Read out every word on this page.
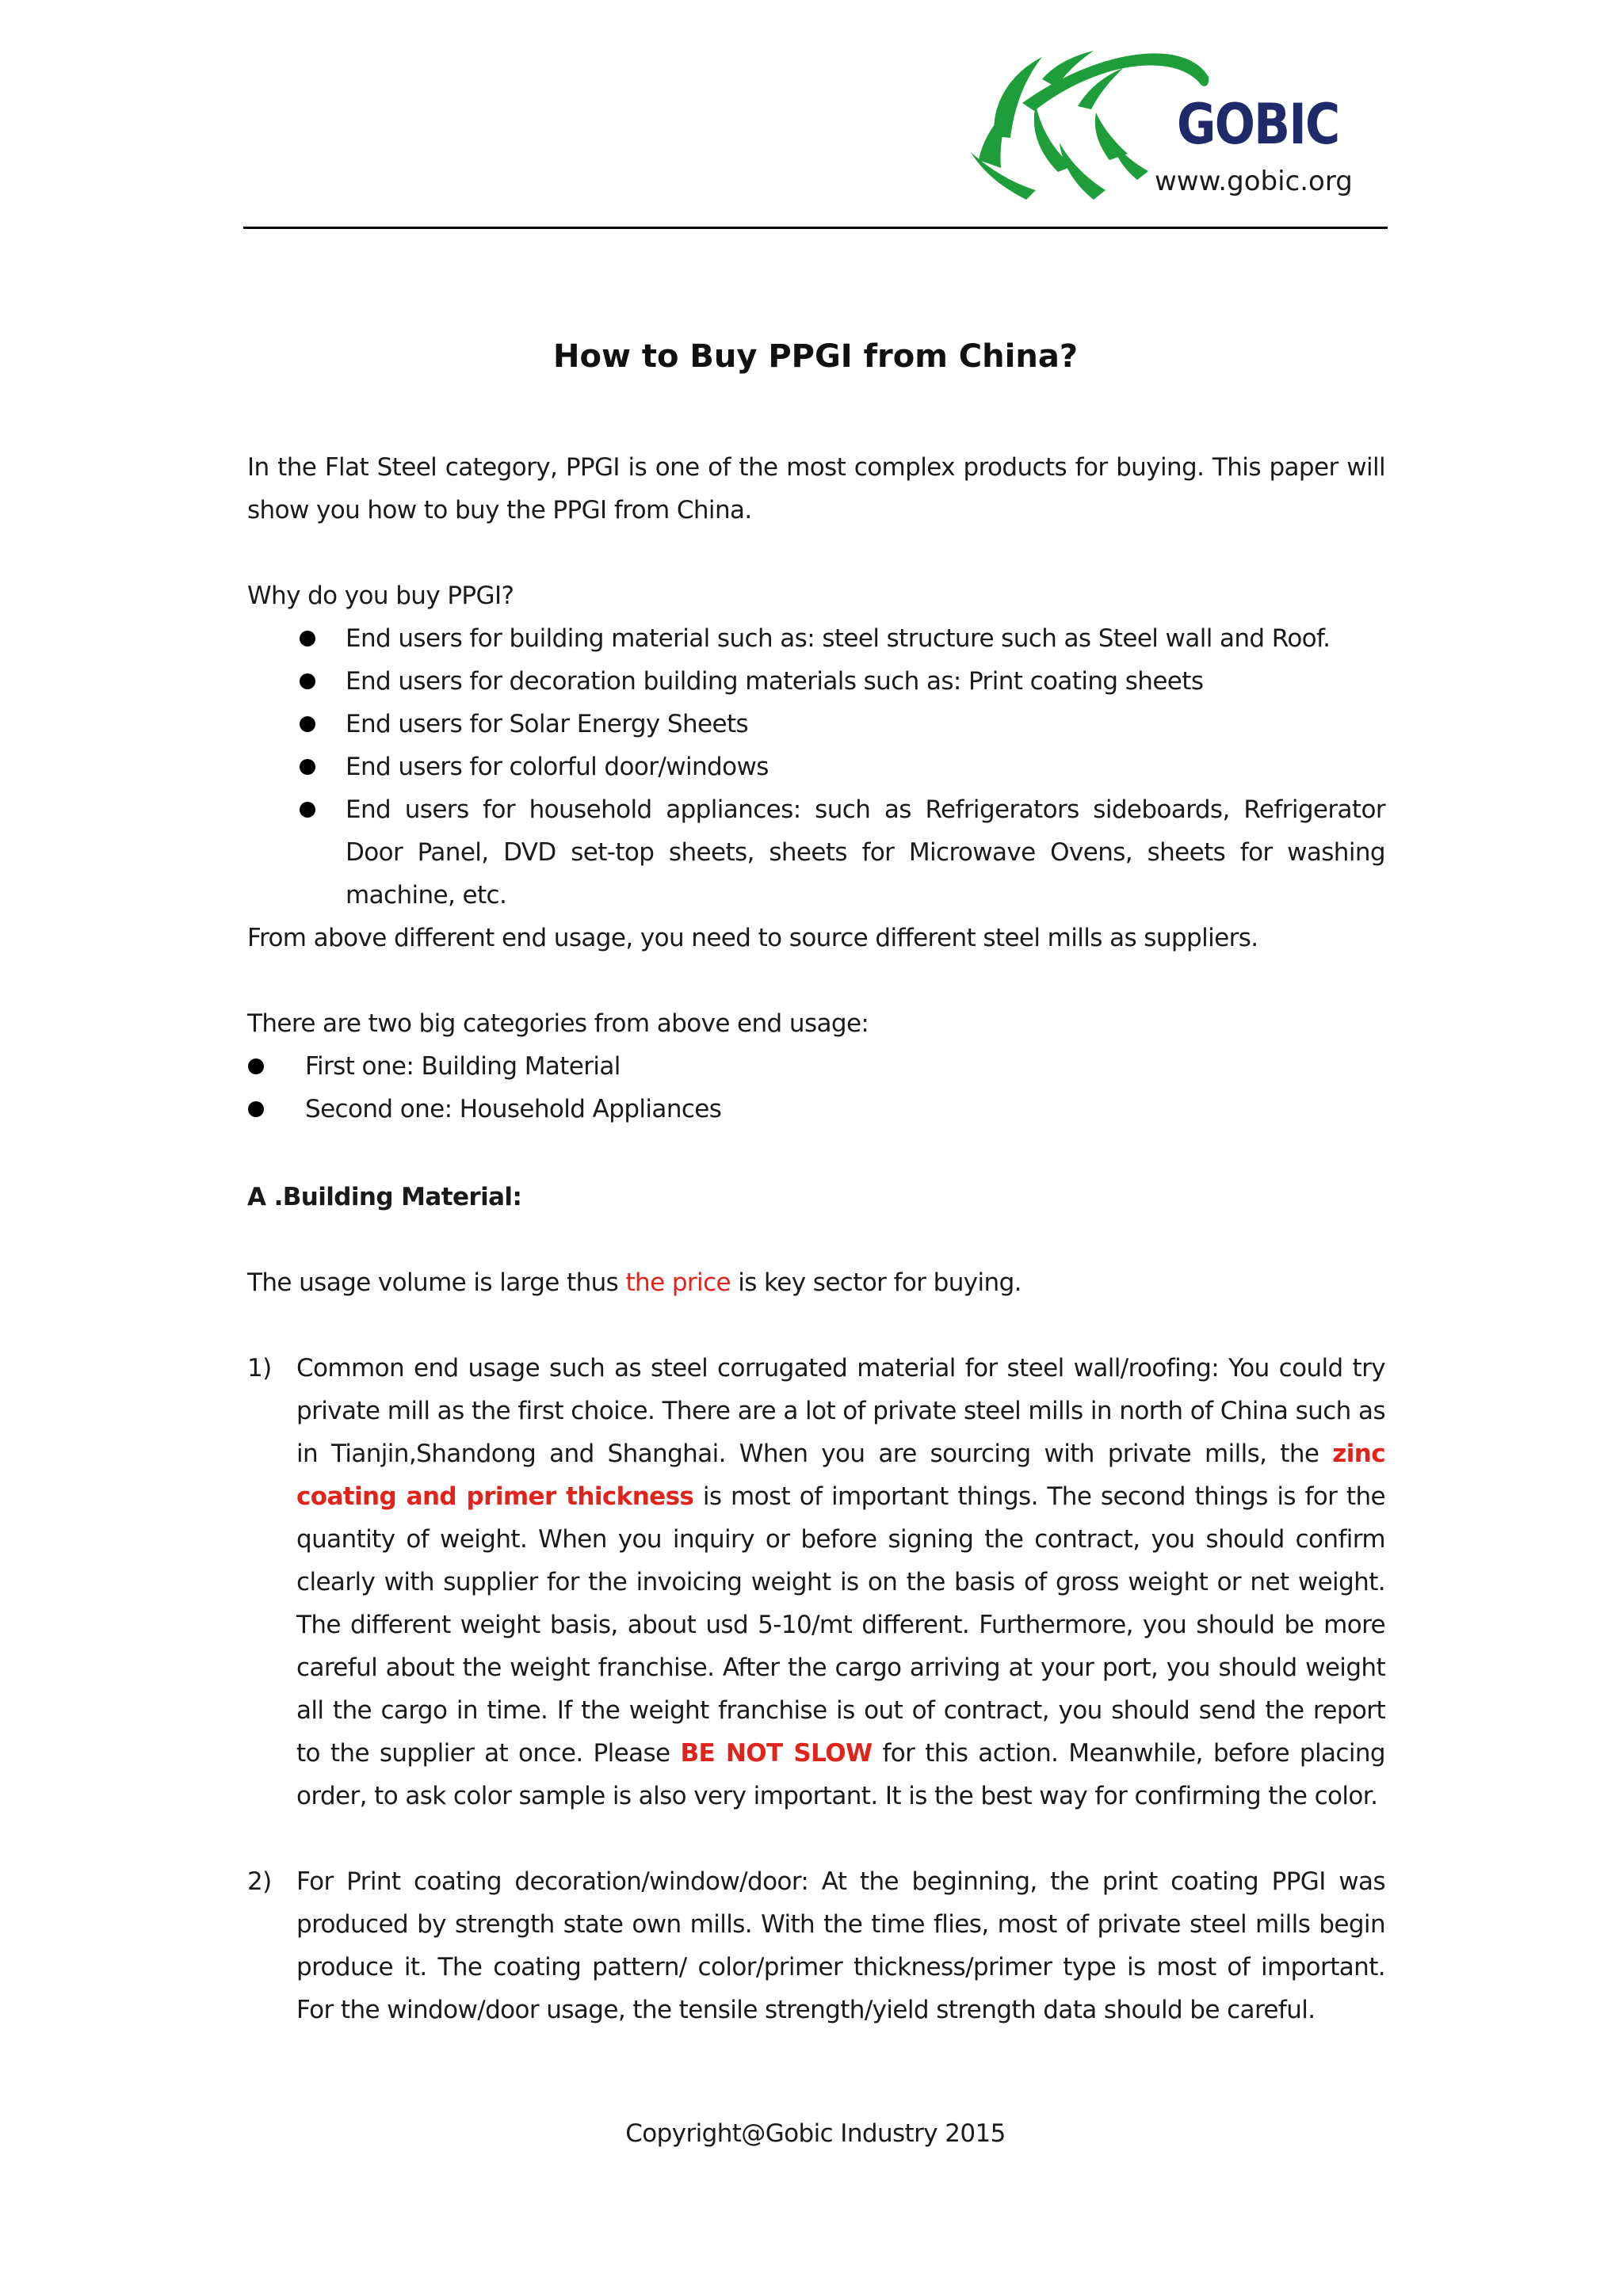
GOBIC
www.gobic.org
How to Buy PPGI from China?

In the Flat Steel category, PPGI is one of the most complex products for buying. This paper will show you how to buy the PPGI from China.

Why do you buy PPGI?

End users for building material such as: steel structure such as Steel wall and Roof.
End users for decoration building materials such as: Print coating sheets
End users for Solar Energy Sheets
End users for colorful door/windows
End users for household appliances: such as Refrigerators sideboards, Refrigerator Door Panel, DVD set-top sheets, sheets for Microwave Ovens, sheets for washing machine, etc.

From above different end usage, you need to source different steel mills as suppliers.

There are two big categories from above end usage:

First one: Building Material
Second one: Household Appliances

A .Building Material:

The usage volume is large thus the price is key sector for buying.

1) Common end usage such as steel corrugated material for steel wall/roofing: You could try private mill as the first choice. There are a lot of private steel mills in north of China such as in Tianjin,Shandong and Shanghai. When you are sourcing with private mills, the zinc coating and primer thickness is most of important things. The second things is for the quantity of weight. When you inquiry or before signing the contract, you should confirm clearly with supplier for the invoicing weight is on the basis of gross weight or net weight. The different weight basis, about usd 5-10/mt different. Furthermore, you should be more careful about the weight franchise. After the cargo arriving at your port, you should weight all the cargo in time. If the weight franchise is out of contract, you should send the report to the supplier at once. Please BE NOT SLOW for this action. Meanwhile, before placing order, to ask color sample is also very important. It is the best way for confirming the color.

2) For Print coating decoration/window/door: At the beginning, the print coating PPGI was produced by strength state own mills. With the time flies, most of private steel mills begin produce it. The coating pattern/ color/primer thickness/primer type is most of important. For the window/door usage, the tensile strength/yield strength data should be careful.

Copyright@Gobic Industry 2015
